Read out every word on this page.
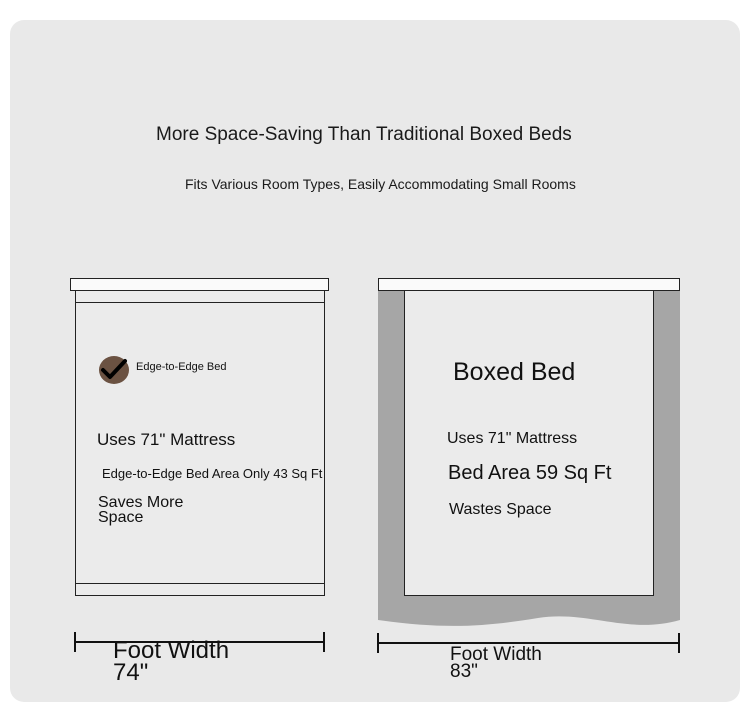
More Space-Saving Than Traditional Boxed Beds
Fits Various Room Types, Easily Accommodating Small Rooms
Edge-to-Edge Bed
Uses 71" Mattress
Edge-to-Edge Bed Area Only 43 Sq Ft
Saves More
Space
Boxed Bed
Uses 71" Mattress
Bed Area 59 Sq Ft
Wastes Space
Foot Width
74"
Foot Width
83"
